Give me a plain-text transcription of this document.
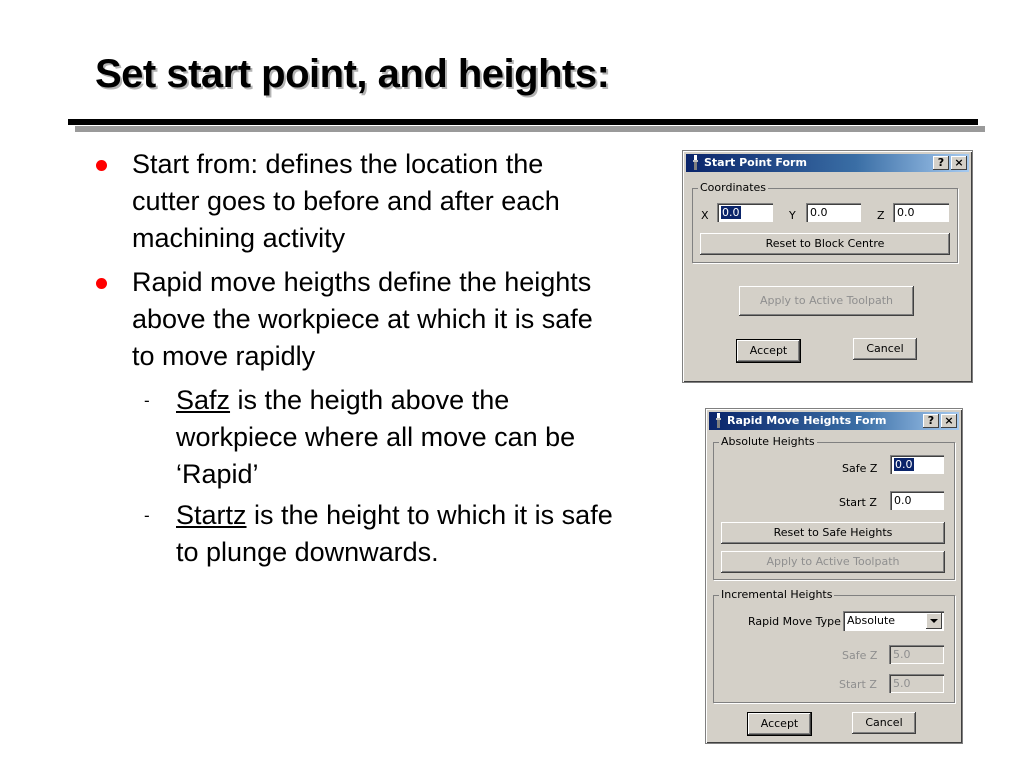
Set start point, and heights:
Start from: defines the location the cutter goes to before and after each machining activity
Rapid move heigths define the heights above the workpiece at which it is safe to move rapidly
- Safz is the heigth above the workpiece where all move can be ‘Rapid’
- Startz is the height to which it is safe to plunge downwards.
Start Point Form	? ×
Coordinates
X	0.0	Y	0.0	Z	0.0
Reset to Block Centre
Apply to Active Toolpath
Accept	Cancel
Rapid Move Heights Form	? ×
Absolute Heights
Safe Z	0.0
Start Z	0.0
Reset to Safe Heights
Apply to Active Toolpath
Incremental Heights
Rapid Move Type Absolute
Safe Z	5.0
Start Z	5.0
Accept	Cancel
